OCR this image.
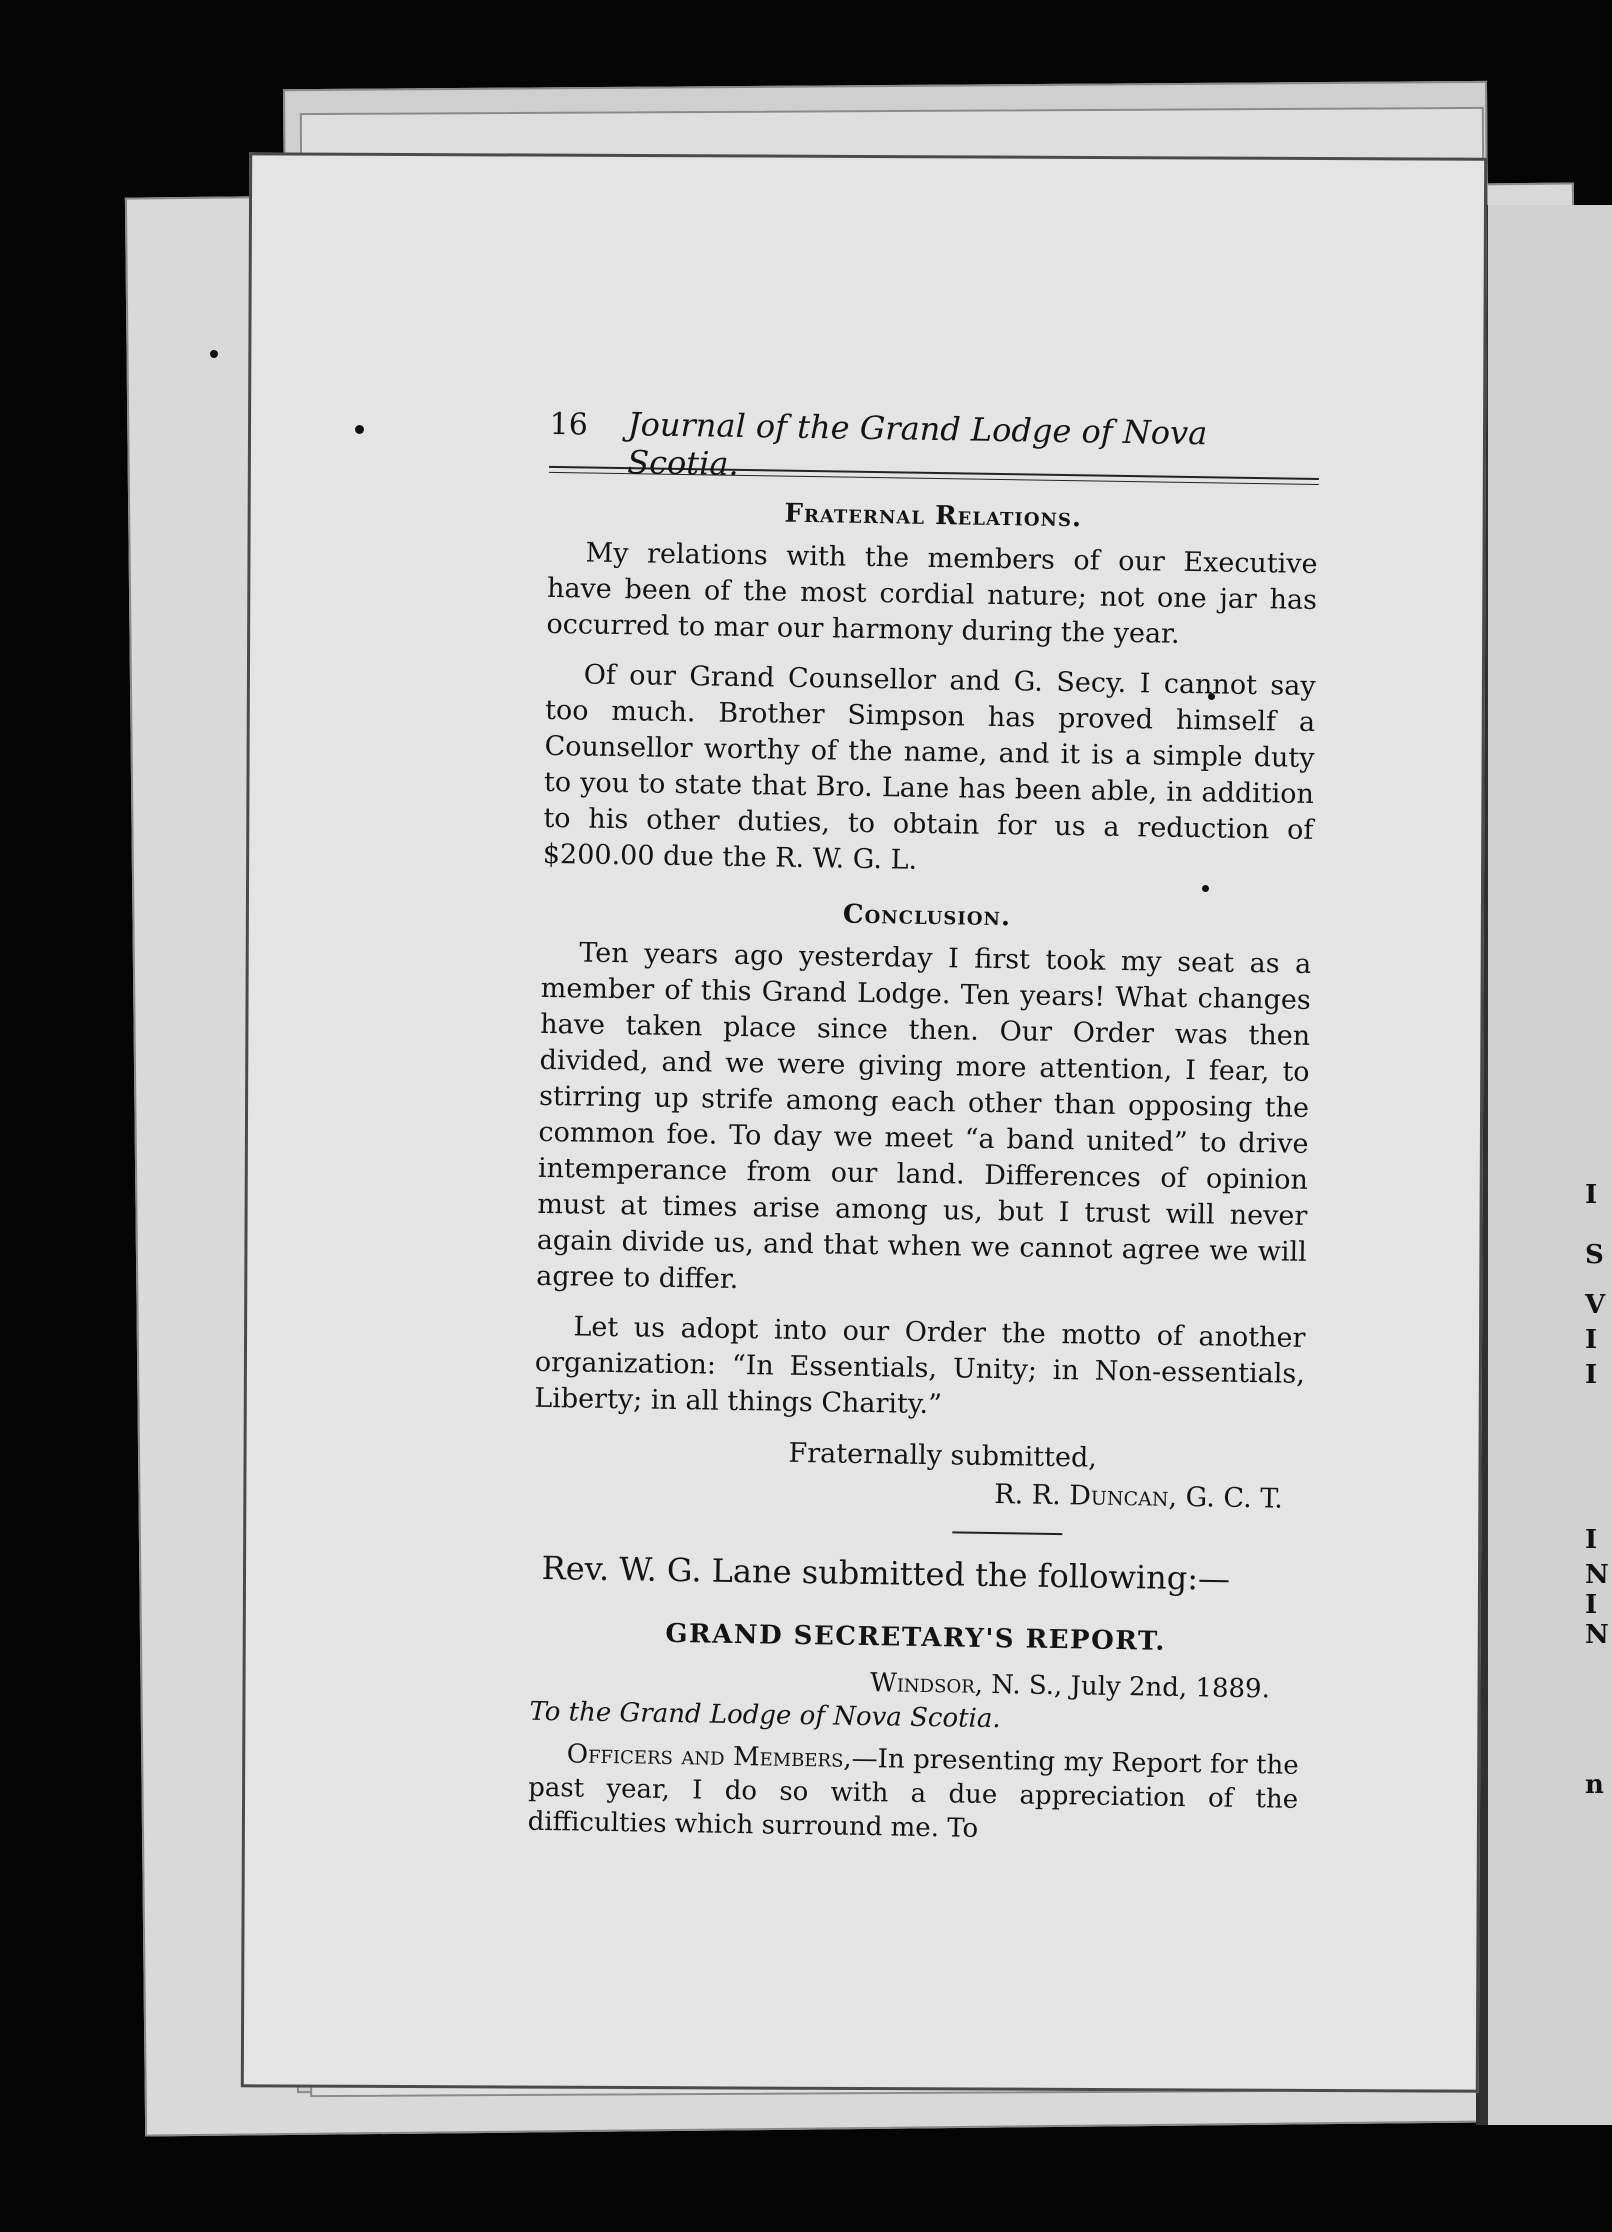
I
S
V
I
I
I
N
I
N
n
16 Journal of the Grand Lodge of Nova Scotia.
Fraternal Relations.

My relations with the members of our Executive have been of the most cordial nature; not one jar has occurred to mar our harmony during the year.

Of our Grand Counsellor and G. Secy. I cannot say too much. Brother Simpson has proved himself a Counsellor worthy of the name, and it is a simple duty to you to state that Bro. Lane has been able, in addition to his other duties, to obtain for us a reduction of $200.00 due the R. W. G. L.

Conclusion.

Ten years ago yesterday I first took my seat as a member of this Grand Lodge. Ten years! What changes have taken place since then. Our Order was then divided, and we were giving more attention, I fear, to stirring up strife among each other than opposing the common foe. To day we meet “a band united” to drive intemperance from our land. Differences of opinion must at times arise among us, but I trust will never again divide us, and that when we cannot agree we will agree to differ.

Let us adopt into our Order the motto of another organization: “In Essentials, Unity; in Non-essentials, Liberty; in all things Charity.”

Fraternally submitted,
R. R. Duncan, G. C. T.
Rev. W. G. Lane submitted the following:—
GRAND SECRETARY'S REPORT.
Windsor, N. S., July 2nd, 1889.
To the Grand Lodge of Nova Scotia.

Officers and Members,—In presenting my Report for the past year, I do so with a due appreciation of the difficulties which surround me. To
